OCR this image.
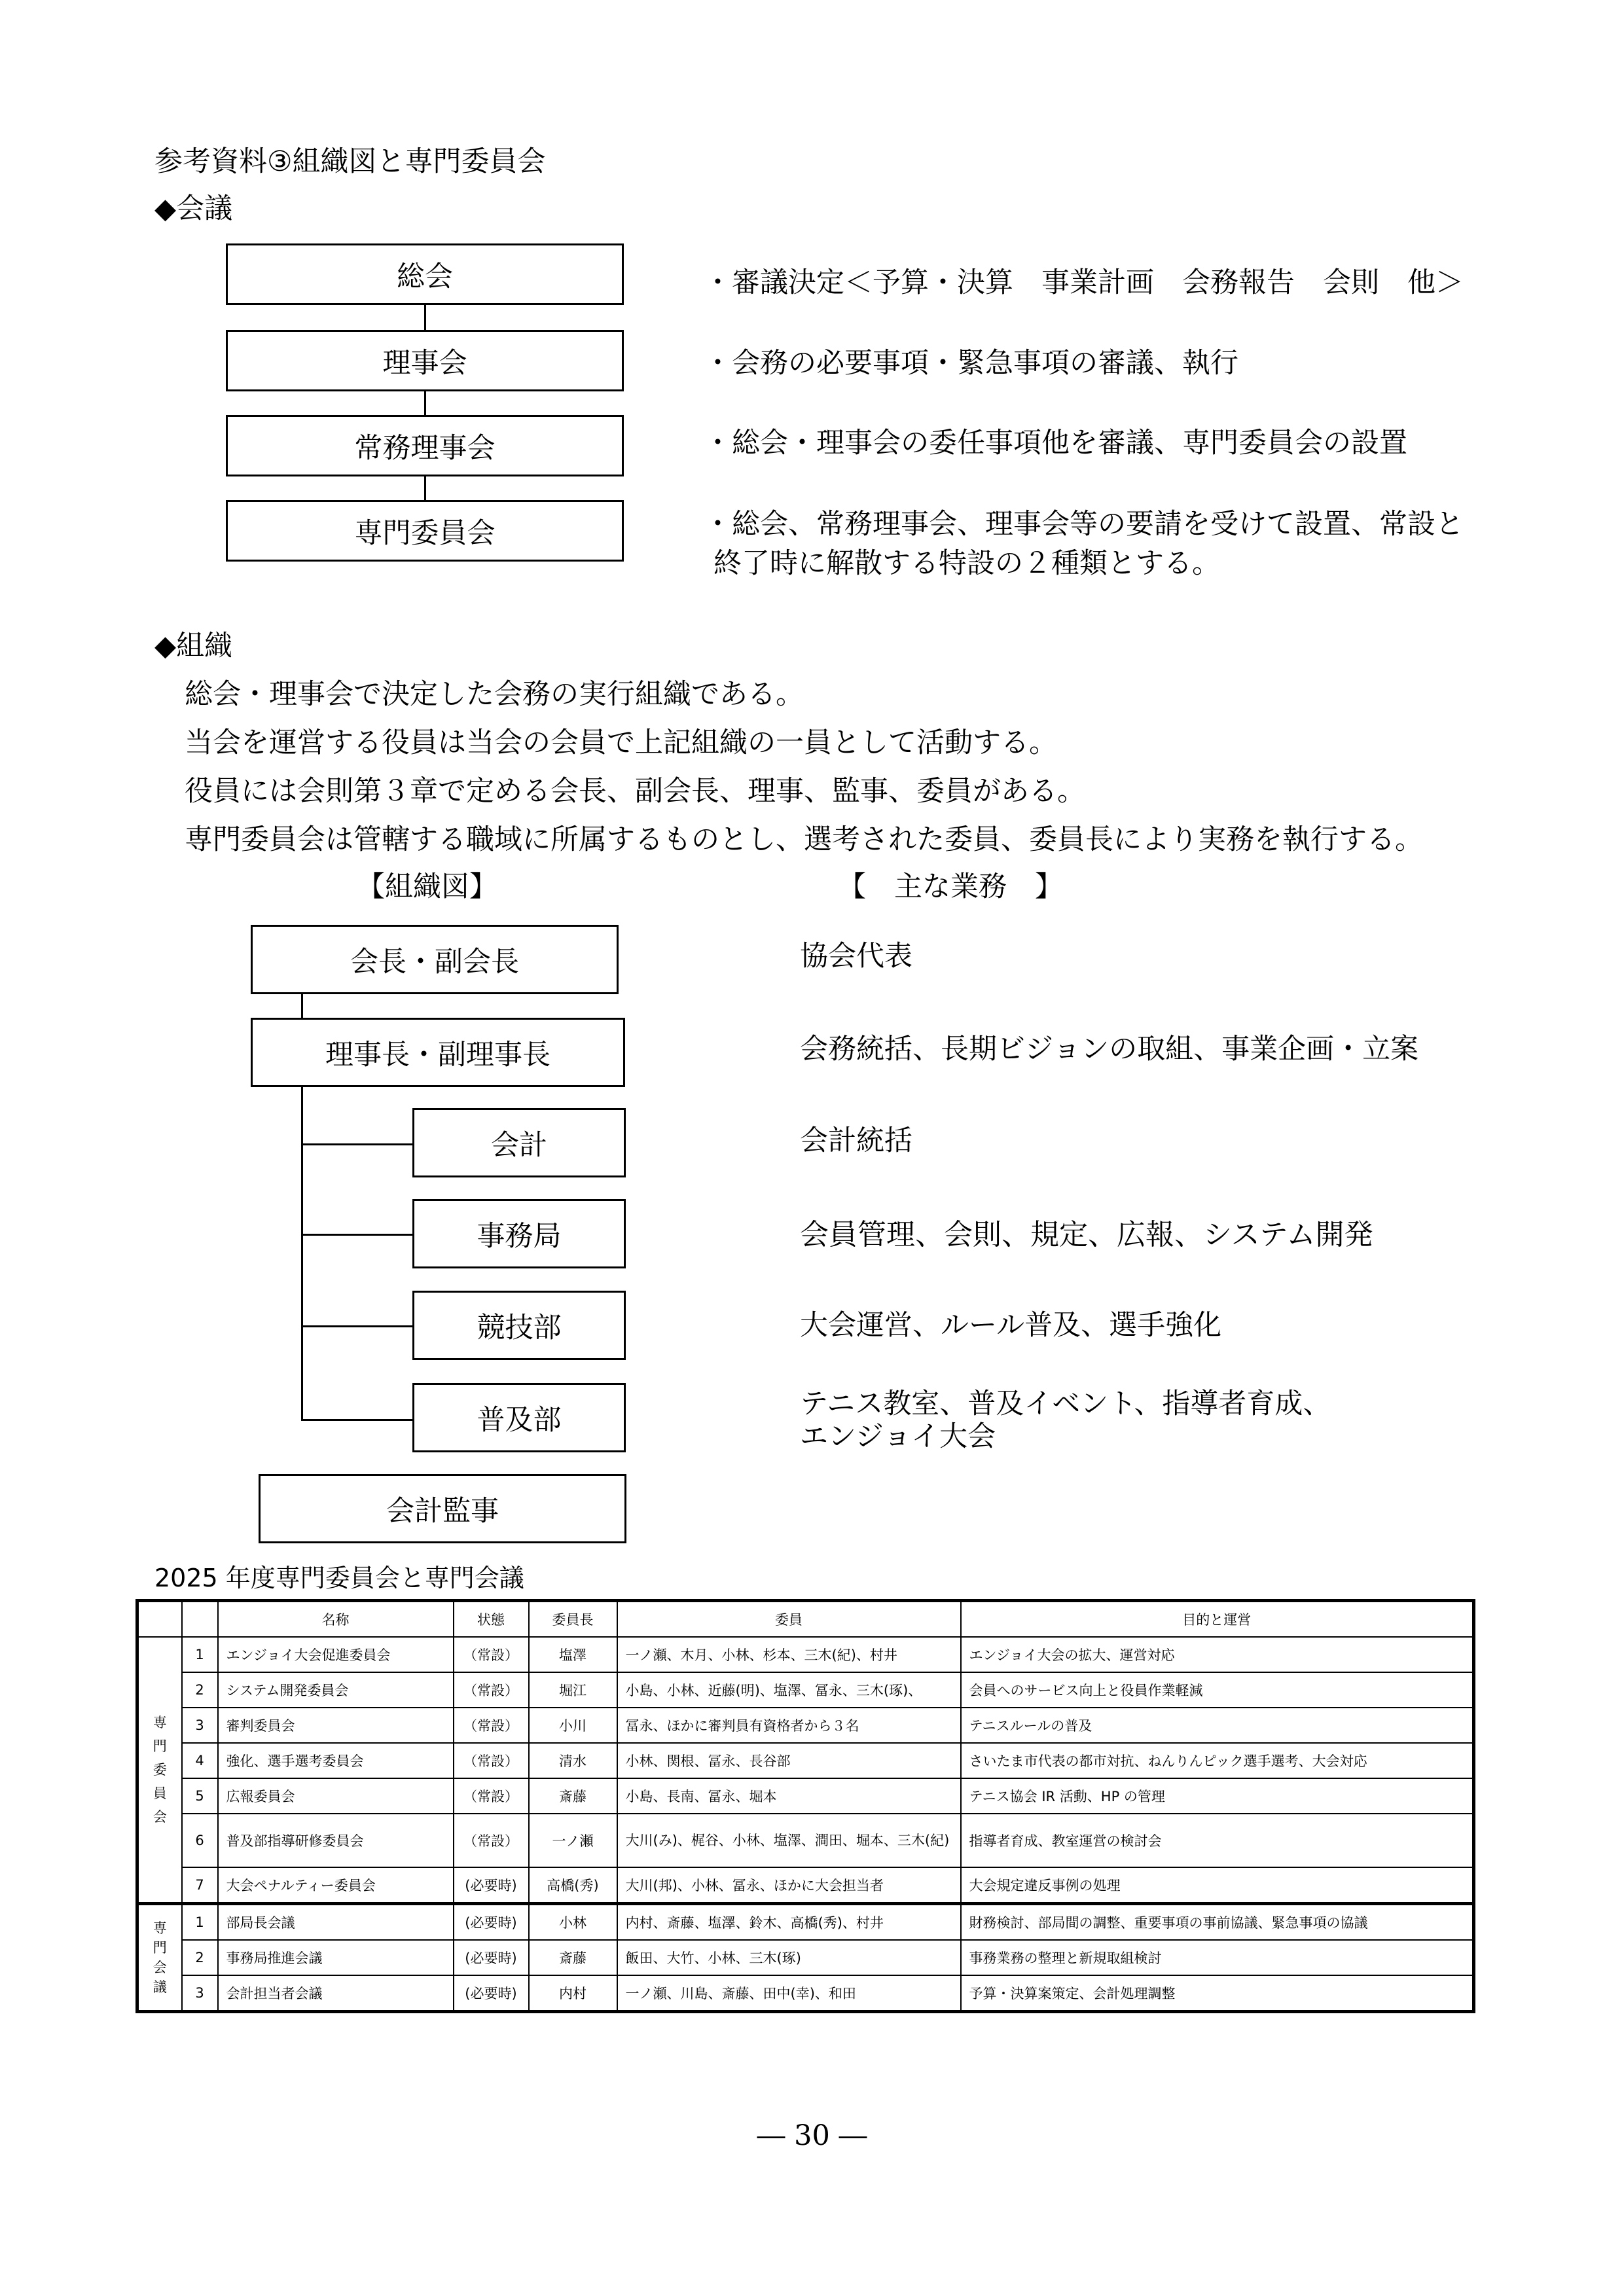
参考資料③組織図と専門委員会
◆会議
総会
理事会
常務理事会
専門委員会
・審議決定＜予算・決算　事業計画　会務報告　会則　他＞
・会務の必要事項・緊急事項の審議、執行
・総会・理事会の委任事項他を審議、専門委員会の設置
・総会、常務理事会、理事会等の要請を受けて設置、常設と
終了時に解散する特設の２種類とする。
◆組織
総会・理事会で決定した会務の実行組織である。
当会を運営する役員は当会の会員で上記組織の一員として活動する。
役員には会則第３章で定める会長、副会長、理事、監事、委員がある。
専門委員会は管轄する職域に所属するものとし、選考された委員、委員長により実務を執行する。
【組織図】	【　主な業務　】
会長・副会長
理事長・副理事長
会計
事務局
競技部
普及部
会計監事
協会代表
会務統括、長期ビジョンの取組、事業企画・立案
会計統括
会員管理、会則、規定、広報、システム開発
大会運営、ルール普及、選手強化
テニス教室、普及イベント、指導者育成、
エンジョイ大会
2025 年度専門委員会と専門会議
		名称	状態	委員長	委員	目的と運営

専門委員会	1	エンジョイ大会促進委員会	（常設）	塩澤	一ノ瀬、木月、小林、杉本、三木(紀)、村井	エンジョイ大会の拡大、運営対応
	2	システム開発委員会	（常設）	堀江	小島、小林、近藤(明)、塩澤、冨永、三木(琢)、	会員へのサービス向上と役員作業軽減
	3	審判委員会	（常設）	小川	冨永、ほかに審判員有資格者から３名	テニスルールの普及
	4	強化、選手選考委員会	（常設）	清水	小林、関根、冨永、長谷部	さいたま市代表の都市対抗、ねんりんピック選手選考、大会対応
	5	広報委員会	（常設）	斎藤	小島、長南、冨永、堀本	テニス協会 IR 活動、HP の管理
	6	普及部指導研修委員会	（常設）	一ノ瀬	大川(み)、梶谷、小林、塩澤、澗田、堀本、三木(紀)	指導者育成、教室運営の検討会
	7	大会ペナルティー委員会	(必要時)	高橋(秀)	大川(邦)、小林、冨永、ほかに大会担当者	大会規定違反事例の処理

専門会議	1	部局長会議	(必要時)	小林	内村、斎藤、塩澤、鈴木、高橋(秀)、村井	財務検討、部局間の調整、重要事項の事前協議、緊急事項の協議
	2	事務局推進会議	(必要時)	斎藤	飯田、大竹、小林、三木(琢)	事務業務の整理と新規取組検討
	3	会計担当者会議	(必要時)	内村	一ノ瀬、川島、斎藤、田中(幸)、和田	予算・決算案策定、会計処理調整
― 30 ―
